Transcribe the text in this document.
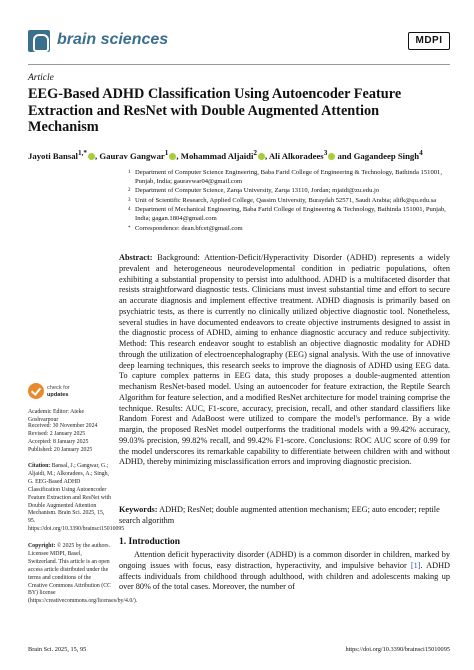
brain sciences	MDPI
Article
EEG-Based ADHD Classification Using Autoencoder Feature Extraction and ResNet with Double Augmented Attention Mechanism
Jayoti Bansal$^{1,*}$ , Gaurav Gangwar$^1$ , Mohammad Aljaidi$^2$ , Ali Alkoradees$^3$ and Gagandeep Singh$^4$
1 Department of Computer Science Engineering, Baba Farid College of Engineering & Technology, Bathinda 151001, Punjab, India; gauravwar04@gmail.com
2 Department of Computer Science, Zarqa University, Zarqa 13110, Jordan; mjaidi@zu.edu.jo
3 Unit of Scientific Research, Applied College, Qassim University, Buraydah 52571, Saudi Arabia; alifk@qu.edu.sa
4 Department of Mechanical Engineering, Baba Farid College of Engineering & Technology, Bathinda 151001, Punjab, India; gagan.1804@gmail.com
* Correspondence: dean.bfcet@gmail.com
Abstract: Background: Attention-Deficit/Hyperactivity Disorder (ADHD) represents a widely prevalent and heterogeneous neurodevelopmental condition in pediatric populations, often exhibiting a substantial propensity to persist into adulthood. ADHD is a multifaceted disorder that resists straightforward diagnostic tests. Clinicians must invest substantial time and effort to secure an accurate diagnosis and implement effective treatment. ADHD diagnosis is primarily based on psychiatric tests, as there is currently no clinically utilized objective diagnostic tool. Nonetheless, several studies in have documented endeavors to create objective instruments designed to assist in the diagnostic process of ADHD, aiming to enhance diagnostic accuracy and reduce subjectivity. Method: This research endeavor sought to establish an objective diagnostic modality for ADHD through the utilization of electroencephalography (EEG) signal analysis. With the use of innovative deep learning techniques, this research seeks to improve the diagnosis of ADHD using EEG data. To capture complex patterns in EEG data, this study proposes a double-augmented attention mechanism ResNet-based model. Using an autoencoder for feature extraction, the Reptile Search Algorithm for feature selection, and a modified ResNet architecture for model training comprise the technique. Results: AUC, F1-score, accuracy, precision, recall, and other standard classifiers like Random Forest and AdaBoost were utilized to compare the model's performance. By a wide margin, the proposed ResNet model outperforms the traditional models with a 99.42% accuracy, 99.03% precision, 99.82% recall, and 99.42% F1-score. Conclusions: ROC AUC score of 0.99 for the model underscores its remarkable capability to differentiate between children with and without ADHD, thereby minimizing misclassification errors and improving diagnostic precision.
Keywords: ADHD; ResNet; double augmented attention mechanism; EEG; auto encoder; reptile search algorithm
check for
updates
Academic Editor: Ateke Goshvarpour
Received: 30 November 2024
Revised: 2 January 2025
Accepted: 8 January 2025
Published: 20 January 2025
Citation: Bansal, J.; Gangwar, G.; Aljaidi, M.; Alkoradees, A.; Singh, G. EEG-Based ADHD Classification Using Autoencoder Feature Extraction and ResNet with Double Augmented Attention Mechanism. Brain Sci. 2025, 15, 95. https://doi.org/10.3390/brainsci15010095
Copyright: © 2025 by the authors. Licensee MDPI, Basel, Switzerland. This article is an open access article distributed under the terms and conditions of the Creative Commons Attribution (CC BY) license (https://creativecommons.org/licenses/by/4.0/).
1. Introduction
Attention deficit hyperactivity disorder (ADHD) is a common disorder in children, marked by ongoing issues with focus, easy distraction, hyperactivity, and impulsive behavior [1]. ADHD affects individuals from childhood through adulthood, with children and adolescents making up over 80% of the total cases. Moreover, the number of
Brain Sci. 2025, 15, 95	https://doi.org/10.3390/brainsci15010095
